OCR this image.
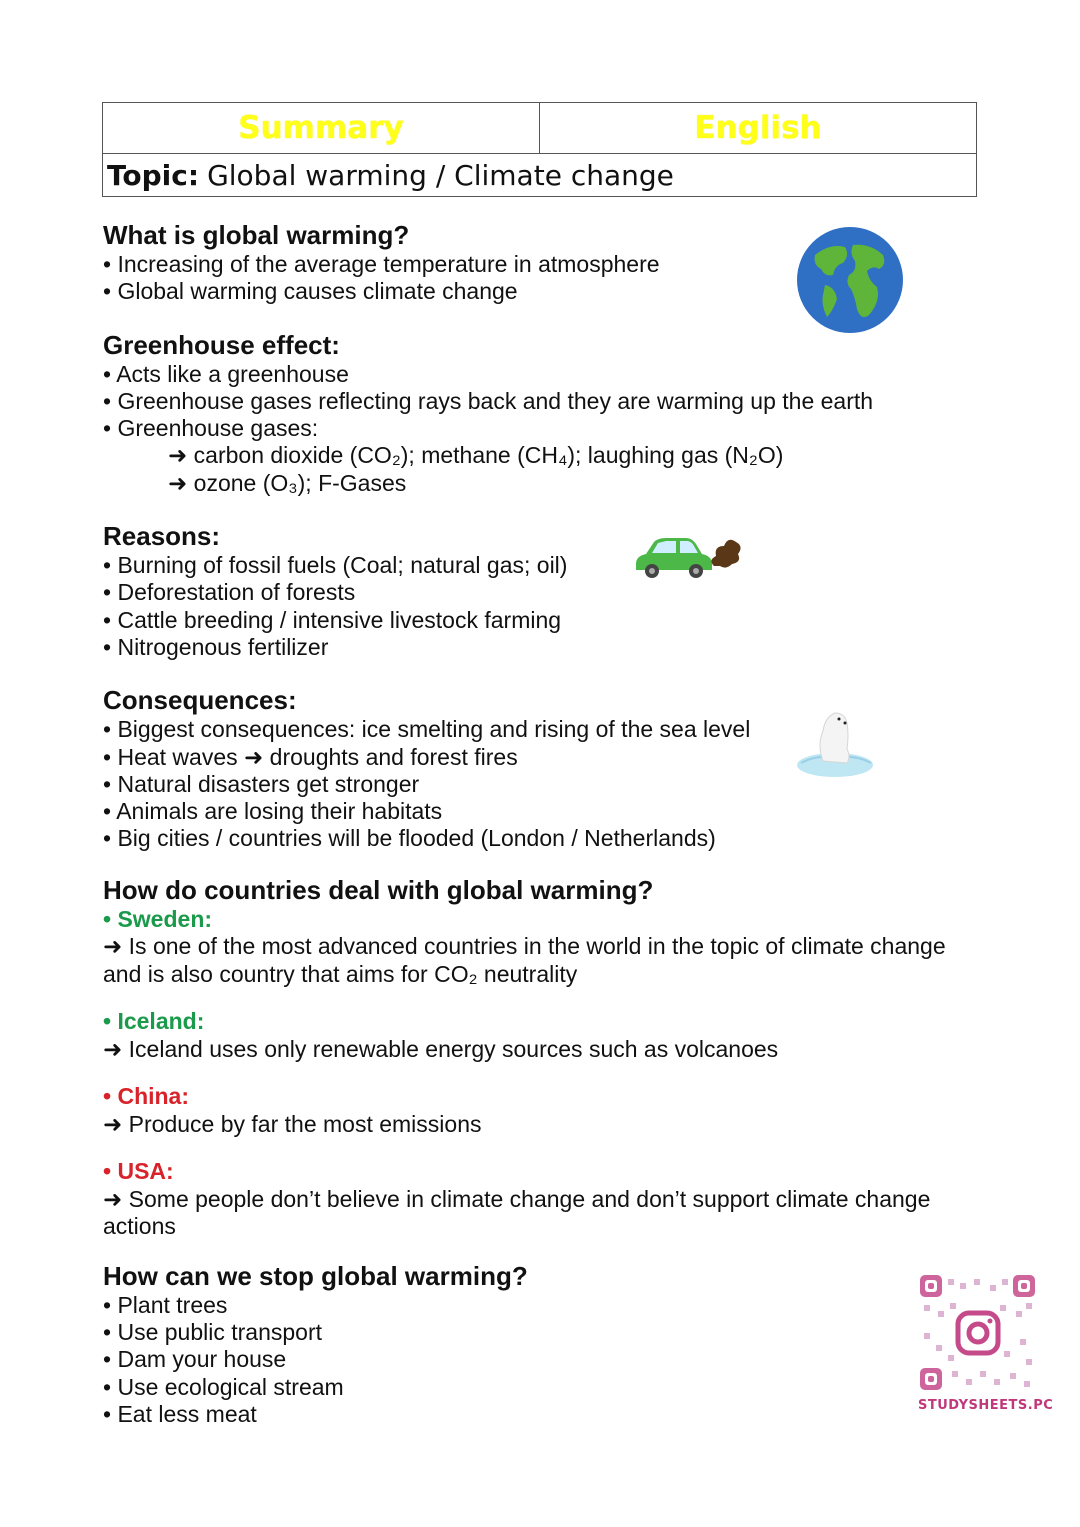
Summary	English
Topic: Global warming / Climate change
What is global warming?
• Increasing of the average temperature in atmosphere
• Global warming causes climate change
Greenhouse effect:
• Acts like a greenhouse
• Greenhouse gases reflecting rays back and they are warming up the earth
• Greenhouse gases:
➜ carbon dioxide (CO₂); methane (CH₄); laughing gas (N₂O)
➜ ozone (O₃); F-Gases
Reasons:
• Burning of fossil fuels (Coal; natural gas; oil)
• Deforestation of forests
• Cattle breeding / intensive livestock farming
• Nitrogenous fertilizer
Consequences:
• Biggest consequences: ice smelting and rising of the sea level
• Heat waves ➜ droughts and forest fires
• Natural disasters get stronger
• Animals are losing their habitats
• Big cities / countries will be flooded (London / Netherlands)
How do countries deal with global warming?
• Sweden:
➜ Is one of the most advanced countries in the world in the topic of climate change and is also country that aims for CO₂ neutrality
• Iceland:
➜ Iceland uses only renewable energy sources such as volcanoes
• China:
➜ Produce by far the most emissions
• USA:
➜ Some people don’t believe in climate change and don’t support climate change actions
How can we stop global warming?
• Plant trees
• Use public transport
• Dam your house
• Use ecological stream
• Eat less meat	STUDYSHEETS.PC
